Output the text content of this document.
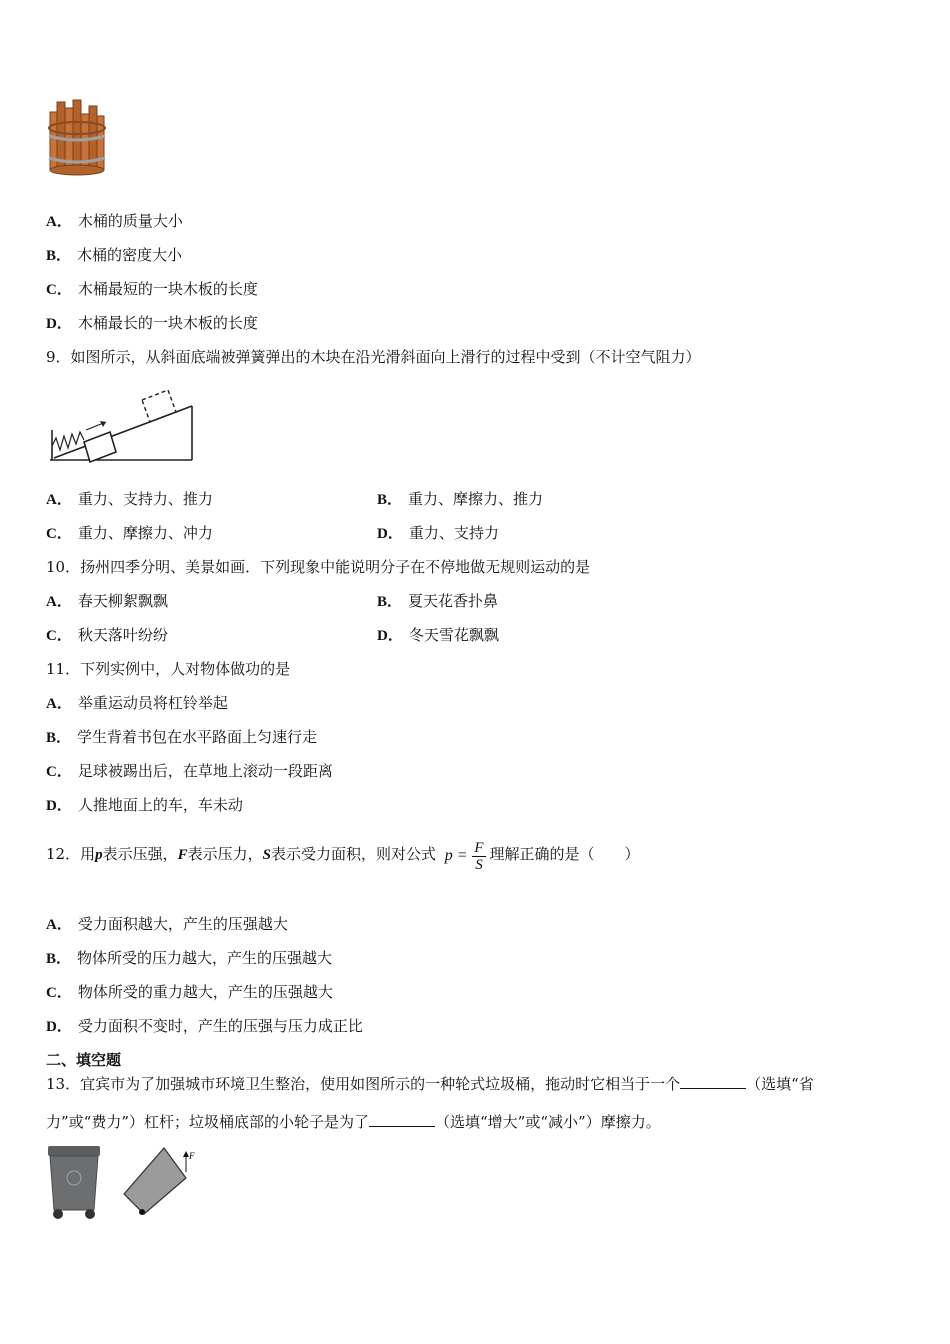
A． 木桶的质量大小
B． 木桶的密度大小
C． 木桶最短的一块木板的长度
D． 木桶最长的一块木板的长度
9．如图所示，从斜面底端被弹簧弹出的木块在沿光滑斜面向上滑行的过程中受到（不计空气阻力）
A． 重力、支持力、推力	B． 重力、摩擦力、推力
C． 重力、摩擦力、冲力	D． 重力、支持力
10．扬州四季分明、美景如画．下列现象中能说明分子在不停地做无规则运动的是
A． 春天柳絮飘飘	B． 夏天花香扑鼻
C． 秋天落叶纷纷	D． 冬天雪花飘飘
11．下列实例中，人对物体做功的是
A． 举重运动员将杠铃举起
B． 学生背着书包在水平路面上匀速行走
C． 足球被踢出后，在草地上滚动一段距离
D． 人推地面上的车，车未动
12．用p表示压强，F表示压力，S表示受力面积，则对公式 $p = \frac{F}{S}$ 理解正确的是（　　）
A． 受力面积越大，产生的压强越大
B． 物体所受的压力越大，产生的压强越大
C． 物体所受的重力越大，产生的压强越大
D． 受力面积不变时，产生的压强与压力成正比
二、填空题
13．宜宾市为了加强城市环境卫生整治，使用如图所示的一种轮式垃圾桶，拖动时它相当于一个	（选填“省
力”或“费力”）杠杆；垃圾桶底部的小轮子是为了	（选填“增大”或“减小”）摩擦力。
F
